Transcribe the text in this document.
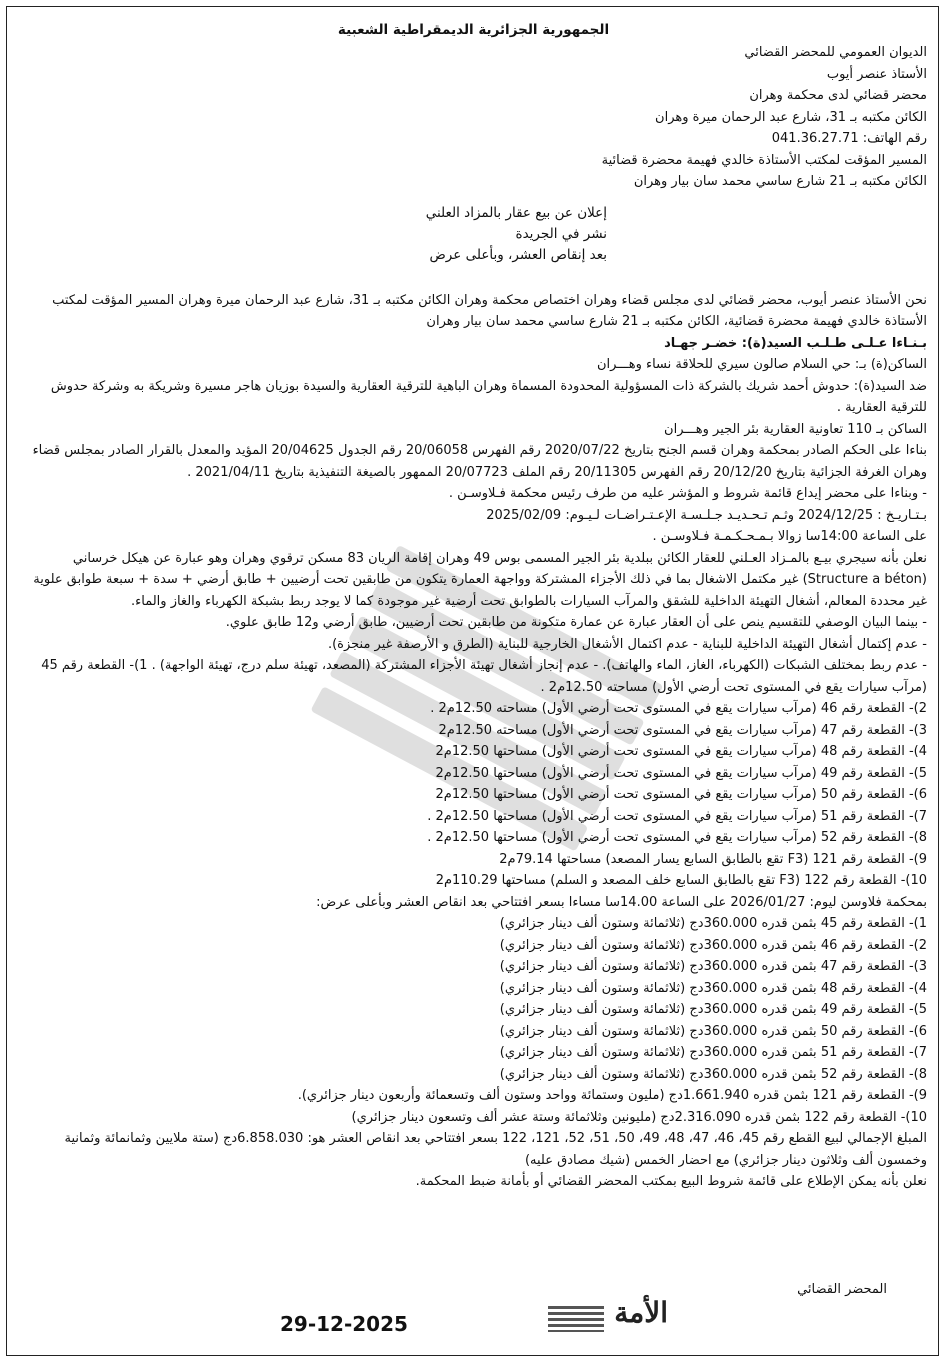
الجمهورية الجزائرية الديمقراطية الشعبية
الديوان العمومي للمحضر القضائي
الأستاذ عنصر أيوب
محضر قضائي لدى محكمة وهران
الكائن مكتبه بـ 31، شارع عبد الرحمان ميرة وهران
رقم الهاتف: 041.36.27.71
المسير المؤقت لمكتب الأستاذة خالدي فهيمة محضرة قضائية
الكائن مكتبه بـ 21 شارع ساسي محمد سان بيار وهران
إعلان عن بيع عقار بالمزاد العلني
نشر في الجريدة
بعد إنقاص العشر، وبأعلى عرض

نحن الأستاذ عنصر أيوب، محضر قضائي لدى مجلس قضاء وهران اختصاص محكمة وهران الكائن مكتبه بـ 31، شارع عبد الرحمان ميرة وهران المسير المؤقت لمكتب الأستاذة خالدي فهيمة محضرة قضائية، الكائن مكتبه بـ 21 شارع ساسي محمد سان بيار وهران

بـنـاءا عـلـى طـلـب السيد(ة): خضـر جهـاد

الساكن(ة) بـ: حي السلام صالون سيري للحلاقة نساء وهـــران

ضد السيد(ة): حدوش أحمد شريك بالشركة ذات المسؤولية المحدودة المسماة وهران الباهية للترقية العقارية والسيدة بوزيان هاجر مسيرة وشريكة به وشركة حدوش للترقية العقارية .

الساكن بـ 110 تعاونية العقارية بئر الجير وهـــران

بناءا على الحكم الصادر بمحكمة وهران قسم الجنح بتاريخ 2020/07/22 رقم الفهرس 20/06058 رقم الجدول 20/04625 المؤيد والمعدل بالقرار الصادر بمجلس قضاء وهران الغرفة الجزائية بتاريخ 20/12/20 رقم الفهرس 20/11305 رقم الملف 20/07723 الممهور بالصيغة التنفيذية بتاريخ 2021/04/11 .

- وبناءا على محضر إيداع قائمة شروط و المؤشر عليه من طرف رئيس محكمة فـلاوسـن .

بـتـاريـخ : 2024/12/25 وثـم تـحـديـد جـلـسـة الإعـتـراضـات لـيـوم: 2025/02/09

على الساعة 14:00سا زوالا بـمـحـكـمـة فـلاوسـن .

نعلن بأنه سيجري بيـع بالمـزاد العـلني للعقار الكائن ببلدية بئر الجير المسمى بوس 49 وهران إقامة الريان 83 مسكن ترقوي وهران وهو عبارة عن هيكل خرساني (Structure a béton) غير مكتمل الاشغال بما في ذلك الأجزاء المشتركة وواجهة العمارة يتكون من طابقين تحت أرضيين + طابق أرضي + سدة + سبعة طوابق علوية غير محددة المعالم، أشغال التهيئة الداخلية للشقق والمرآب السيارات بالطوابق تحت أرضية غير موجودة كما لا يوجد ربط بشبكة الكهرباء والغاز والماء.

- بينما البيان الوصفي للتقسيم ينص على أن العقار عبارة عن عمارة متكونة من طابقين تحت أرضيين، طابق أرضي و12 طابق علوي.

- عدم إكتمال أشغال التهيئة الداخلية للبناية - عدم اكتمال الأشغال الخارجية للبناية (الطرق و الأرصفة غير منجزة).

- عدم ربط بمختلف الشبكات (الكهرباء، الغاز، الماء والهاتف). - عدم إنجاز أشغال تهيئة الأجزاء المشتركة (المصعد، تهيئة سلم درج، تهيئة الواجهة) . 1)- القطعة رقم 45 (مرآب سيارات يقع في المستوى تحت أرضي الأول) مساحته 12.50م2 .

2)- القطعة رقم 46 (مرآب سيارات يقع في المستوى تحت أرضي الأول) مساحته 12.50م2 .
3)- القطعة رقم 47 (مرآب سيارات يقع في المستوى تحت أرضي الأول) مساحته 12.50م2
4)- القطعة رقم 48 (مرآب سيارات يقع في المستوى تحت أرضي الأول) مساحتها 12.50م2
5)- القطعة رقم 49 (مرآب سيارات يقع في المستوى تحت أرضي الأول) مساحتها 12.50م2
6)- القطعة رقم 50 (مرآب سيارات يقع في المستوى تحت أرضي الأول) مساحتها 12.50م2
7)- القطعة رقم 51 (مرآب سيارات يقع في المستوى تحت أرضي الأول) مساحتها 12.50م2 .
8)- القطعة رقم 52 (مرآب سيارات يقع في المستوى تحت أرضي الأول) مساحتها 12.50م2 .
9)- القطعة رقم 121 (F3 تقع بالطابق السابع يسار المصعد) مساحتها 79.14م2
10)- القطعة رقم 122 (F3 تقع بالطابق السابع خلف المصعد و السلم) مساحتها 110.29م2

بمحكمة فلاوسن ليوم: 2026/01/27 على الساعة 14.00سا مساءا بسعر افتتاحي بعد انقاص العشر وبأعلى عرض:

1)- القطعة رقم 45 بثمن قدره 360.000دج (ثلاثمائة وستون ألف دينار جزائري)
2)- القطعة رقم 46 بثمن قدره 360.000دج (ثلاثمائة وستون ألف دينار جزائري)
3)- القطعة رقم 47 بثمن قدره 360.000دج (ثلاثمائة وستون ألف دينار جزائري)
4)- القطعة رقم 48 بثمن قدره 360.000دج (ثلاثمائة وستون ألف دينار جزائري)
5)- القطعة رقم 49 بثمن قدره 360.000دج (ثلاثمائة وستون ألف دينار جزائري)
6)- القطعة رقم 50 بثمن قدره 360.000دج (ثلاثمائة وستون ألف دينار جزائري)
7)- القطعة رقم 51 بثمن قدره 360.000دج (ثلاثمائة وستون ألف دينار جزائري)
8)- القطعة رقم 52 بثمن قدره 360.000دج (ثلاثمائة وستون ألف دينار جزائري)
9)- القطعة رقم 121 بثمن قدره 1.661.940دج (مليون وستمائة وواحد وستون ألف وتسعمائة وأربعون دينار جزائري).
10)- القطعة رقم 122 بثمن قدره 2.316.090دج (مليونين وثلاثمائة وستة عشر ألف وتسعون دينار جزائري)

المبلغ الإجمالي لبيع القطع رقم 45، 46، 47، 48، 49، 50، 51، 52، 121، 122 بسعر افتتاحي بعد انقاص العشر هو: 6.858.030دج (ستة ملايين وثمانمائة وثمانية وخمسون ألف وثلاثون دينار جزائري) مع احضار الخمس (شيك مصادق عليه)

نعلن بأنه يمكن الإطلاع على قائمة شروط البيع بمكتب المحضر القضائي أو بأمانة ضبط المحكمة.

المحضر القضائي
الأمة
29-12-2025
